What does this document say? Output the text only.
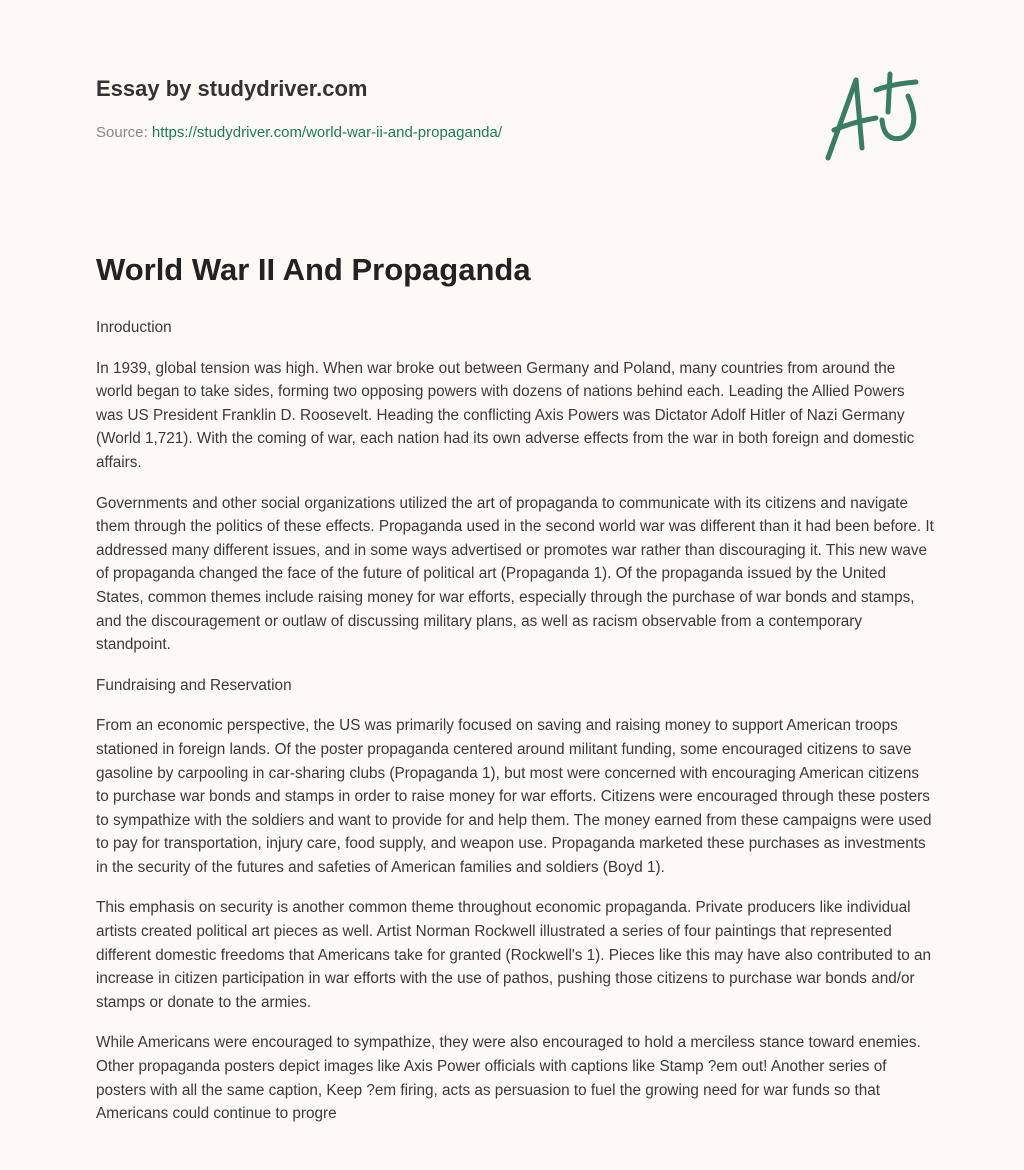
Essay by studydriver.com
Source: https://studydriver.com/world-war-ii-and-propaganda/
World War II And Propaganda
Inroduction

In 1939, global tension was high. When war broke out between Germany and Poland, many countries from around the world began to take sides, forming two opposing powers with dozens of nations behind each. Leading the Allied Powers was US President Franklin D. Roosevelt. Heading the conflicting Axis Powers was Dictator Adolf Hitler of Nazi Germany (World 1,721). With the coming of war, each nation had its own adverse effects from the war in both foreign and domestic affairs.

Governments and other social organizations utilized the art of propaganda to communicate with its citizens and navigate them through the politics of these effects. Propaganda used in the second world war was different than it had been before. It addressed many different issues, and in some ways advertised or promotes war rather than discouraging it. This new wave of propaganda changed the face of the future of political art (Propaganda 1). Of the propaganda issued by the United States, common themes include raising money for war efforts, especially through the purchase of war bonds and stamps, and the discouragement or outlaw of discussing military plans, as well as racism observable from a contemporary standpoint.

Fundraising and Reservation

From an economic perspective, the US was primarily focused on saving and raising money to support American troops stationed in foreign lands. Of the poster propaganda centered around militant funding, some encouraged citizens to save gasoline by carpooling in car-sharing clubs (Propaganda 1), but most were concerned with encouraging American citizens to purchase war bonds and stamps in order to raise money for war efforts. Citizens were encouraged through these posters to sympathize with the soldiers and want to provide for and help them. The money earned from these campaigns were used to pay for transportation, injury care, food supply, and weapon use. Propaganda marketed these purchases as investments in the security of the futures and safeties of American families and soldiers (Boyd 1).

This emphasis on security is another common theme throughout economic propaganda. Private producers like individual artists created political art pieces as well. Artist Norman Rockwell illustrated a series of four paintings that represented different domestic freedoms that Americans take for granted (Rockwell's 1). Pieces like this may have also contributed to an increase in citizen participation in war efforts with the use of pathos, pushing those citizens to purchase war bonds and/or stamps or donate to the armies.

While Americans were encouraged to sympathize, they were also encouraged to hold a merciless stance toward enemies. Other propaganda posters depict images like Axis Power officials with captions like Stamp ?em out! Another series of posters with all the same caption, Keep ?em firing, acts as persuasion to fuel the growing need for war funds so that Americans could continue to progre
